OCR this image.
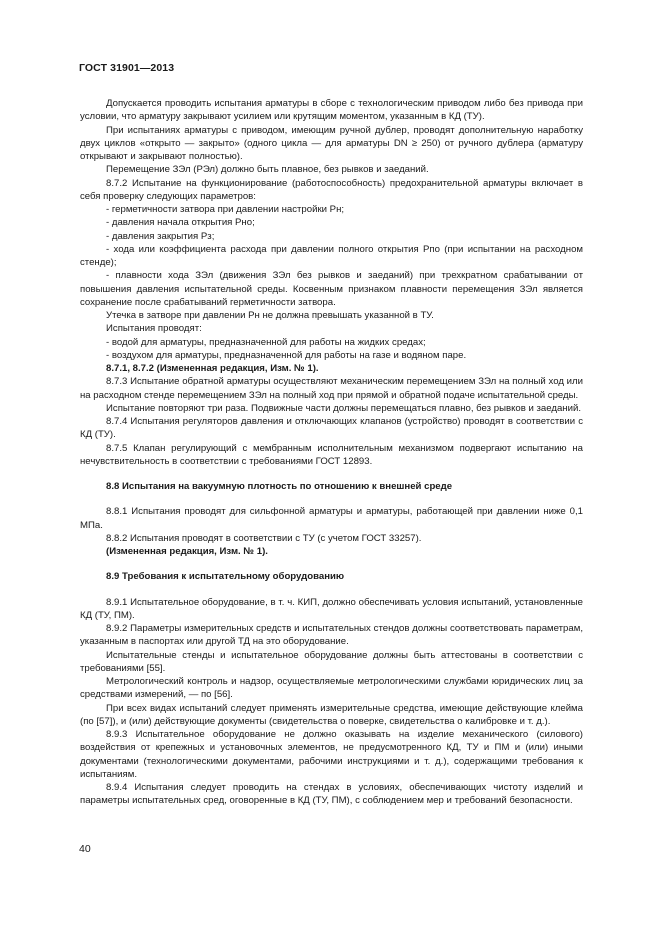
ГОСТ 31901—2013

Допускается проводить испытания арматуры в сборе с технологическим приводом либо без привода при условии, что арматуру закрывают усилием или крутящим моментом, указанным в КД (ТУ).

При испытаниях арматуры с приводом, имеющим ручной дублер, проводят дополнительную наработку двух циклов «открыто — закрыто» (одного цикла — для арматуры DN ≥ 250) от ручного дублера (арматуру открывают и закрывают полностью).

Перемещение ЗЭл (РЭл) должно быть плавное, без рывков и заеданий.

8.7.2 Испытание на функционирование (работоспособность) предохранительной арматуры включает в себя проверку следующих параметров:

- герметичности затвора при давлении настройки Pн;

- давления начала открытия Pно;

- давления закрытия Pз;

- хода или коэффициента расхода при давлении полного открытия Pпо (при испытании на расходном стенде);

- плавности хода ЗЭл (движения ЗЭл без рывков и заеданий) при трехкратном срабатывании от повышения давления испытательной среды. Косвенным признаком плавности перемещения ЗЭл является сохранение после срабатываний герметичности затвора.

Утечка в затворе при давлении Pн не должна превышать указанной в ТУ.

Испытания проводят:

- водой для арматуры, предназначенной для работы на жидких средах;

- воздухом для арматуры, предназначенной для работы на газе и водяном паре.

8.7.1, 8.7.2 (Измененная редакция, Изм. № 1).

8.7.3 Испытание обратной арматуры осуществляют механическим перемещением ЗЭл на полный ход или на расходном стенде перемещением ЗЭл на полный ход при прямой и обратной подаче испытательной среды.

Испытание повторяют три раза. Подвижные части должны перемещаться плавно, без рывков и заеданий.

8.7.4 Испытания регуляторов давления и отключающих клапанов (устройство) проводят в соответствии с КД (ТУ).

8.7.5 Клапан регулирующий с мембранным исполнительным механизмом подвергают испытанию на нечувствительность в соответствии с требованиями ГОСТ 12893.

8.8 Испытания на вакуумную плотность по отношению к внешней среде

8.8.1 Испытания проводят для сильфонной арматуры и арматуры, работающей при давлении ниже 0,1 МПа.

8.8.2 Испытания проводят в соответствии с ТУ (с учетом ГОСТ 33257).

(Измененная редакция, Изм. № 1).

8.9 Требования к испытательному оборудованию

8.9.1 Испытательное оборудование, в т. ч. КИП, должно обеспечивать условия испытаний, установленные КД (ТУ, ПМ).

8.9.2 Параметры измерительных средств и испытательных стендов должны соответствовать параметрам, указанным в паспортах или другой ТД на это оборудование.

Испытательные стенды и испытательное оборудование должны быть аттестованы в соответствии с требованиями [55].

Метрологический контроль и надзор, осуществляемые метрологическими службами юридических лиц за средствами измерений, — по [56].

При всех видах испытаний следует применять измерительные средства, имеющие действующие клейма (по [57]), и (или) действующие документы (свидетельства о поверке, свидетельства о калибровке и т. д.).

8.9.3 Испытательное оборудование не должно оказывать на изделие механического (силового) воздействия от крепежных и установочных элементов, не предусмотренного КД, ТУ и ПМ и (или) иными документами (технологическими документами, рабочими инструкциями и т. д.), содержащими требования к испытаниям.

8.9.4 Испытания следует проводить на стендах в условиях, обеспечивающих чистоту изделий и параметры испытательных сред, оговоренные в КД (ТУ, ПМ), с соблюдением мер и требований безопасности.

40
